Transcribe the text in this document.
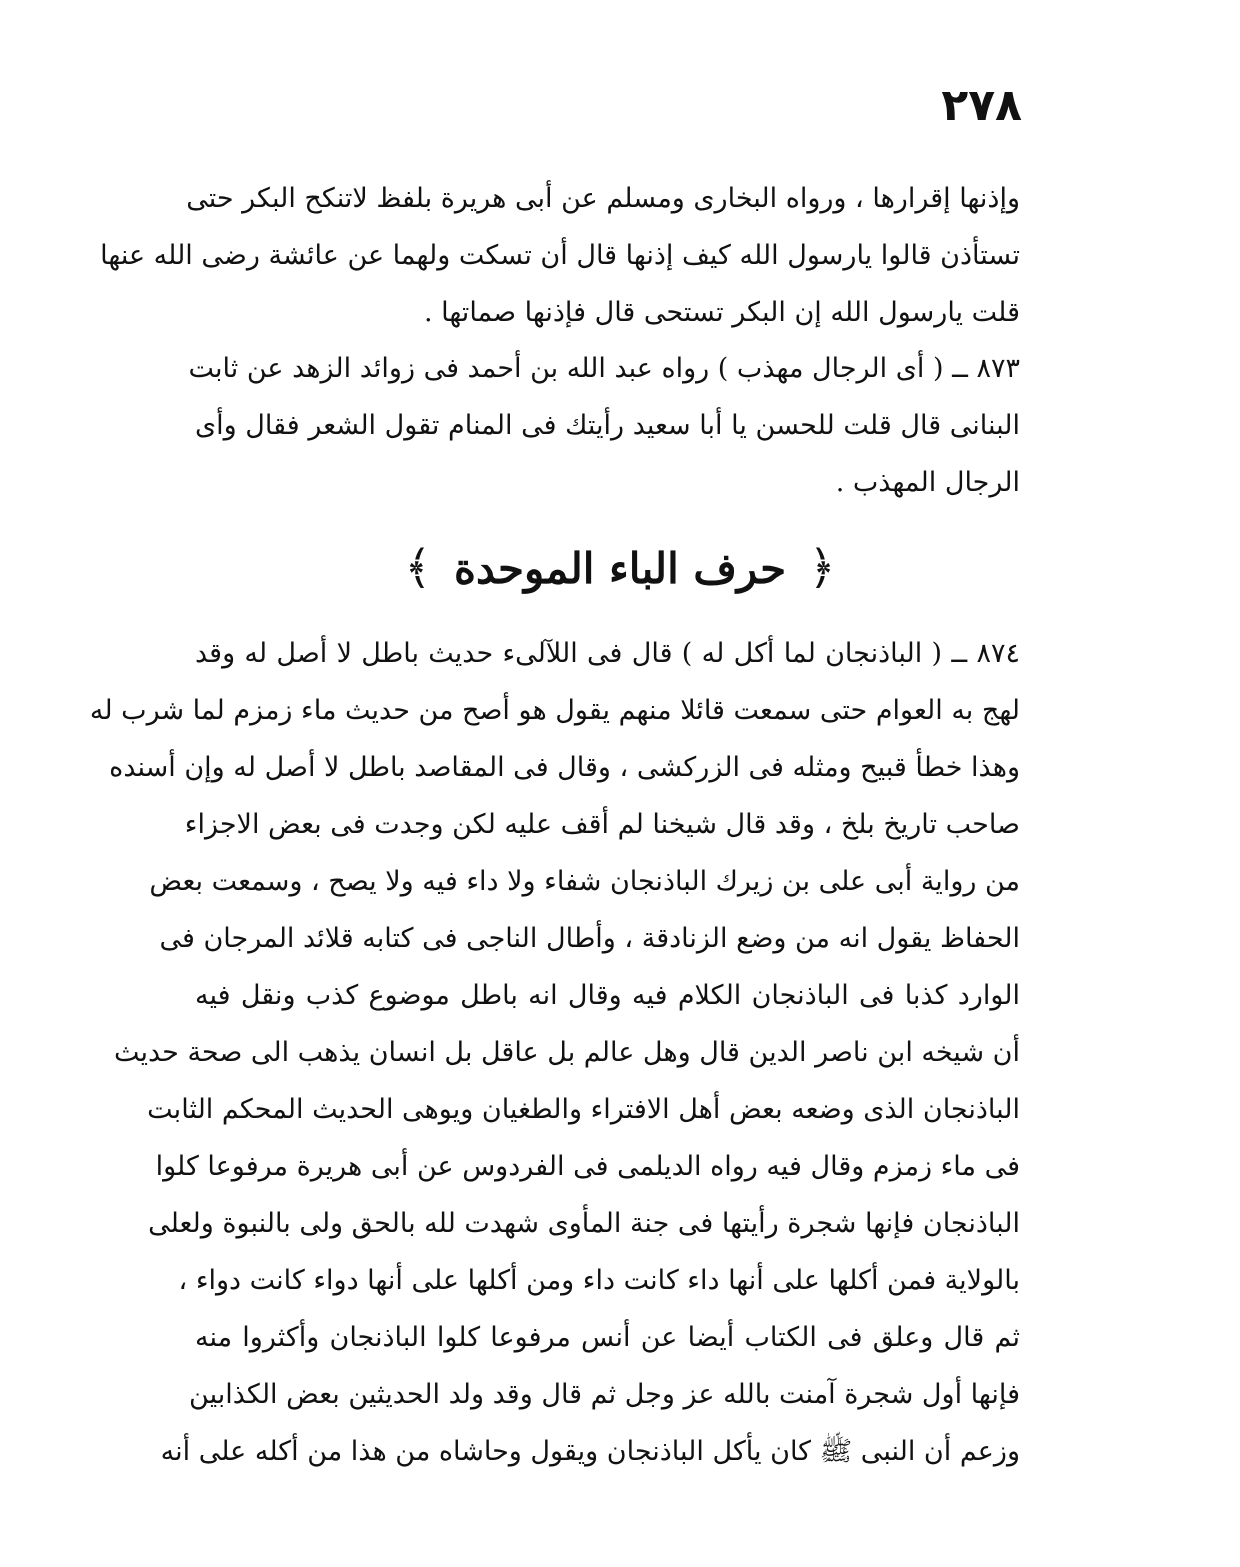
٢٧٨
وإذنها إقرارها ، ورواه البخارى ومسلم عن أبى هريرة بلفظ لاتنكح البكر حتى
تستأذن قالوا يارسول الله كيف إذنها قال أن تسكت ولهما عن عائشة رضى الله عنها
قلت يارسول الله إن البكر تستحى قال فإذنها صماتها .
٨٧٣ ــ ( أى الرجال مهذب ) رواه عبد الله بن أحمد فى زوائد الزهد عن ثابت
البنانى قال قلت للحسن يا أبا سعيد رأيتك فى المنام تقول الشعر فقال وأى
الرجال المهذب .
﴿ حرف الباء الموحدة ﴾
٨٧٤ ــ ( الباذنجان لما أكل له ) قال فى اللآلىء حديث باطل لا أصل له وقد
لهج به العوام حتى سمعت قائلا منهم يقول هو أصح من حديث ماء زمزم لما شرب له
وهذا خطأ قبيح ومثله فى الزركشى ، وقال فى المقاصد باطل لا أصل له وإن أسنده
صاحب تاريخ بلخ ، وقد قال شيخنا لم أقف عليه لكن وجدت فى بعض الاجزاء
من رواية أبى على بن زيرك الباذنجان شفاء ولا داء فيه ولا يصح ، وسمعت بعض
الحفاظ يقول انه من وضع الزنادقة ، وأطال الناجى فى كتابه قلائد المرجان فى
الوارد كذبا فى الباذنجان الكلام فيه وقال انه باطل موضوع كذب ونقل فيه
أن شيخه ابن ناصر الدين قال وهل عالم بل عاقل بل انسان يذهب الى صحة حديث
الباذنجان الذى وضعه بعض أهل الافتراء والطغيان ويوهى الحديث المحكم الثابت
فى ماء زمزم وقال فيه رواه الديلمى فى الفردوس عن أبى هريرة مرفوعا كلوا
الباذنجان فإنها شجرة رأيتها فى جنة المأوى شهدت لله بالحق ولى بالنبوة ولعلى
بالولاية فمن أكلها على أنها داء كانت داء ومن أكلها على أنها دواء كانت دواء ،
ثم قال وعلق فى الكتاب أيضا عن أنس مرفوعا كلوا الباذنجان وأكثروا منه
فإنها أول شجرة آمنت بالله عز وجل ثم قال وقد ولد الحديثين بعض الكذابين
وزعم أن النبى ﷺ كان يأكل الباذنجان ويقول وحاشاه من هذا من أكله على أنه
